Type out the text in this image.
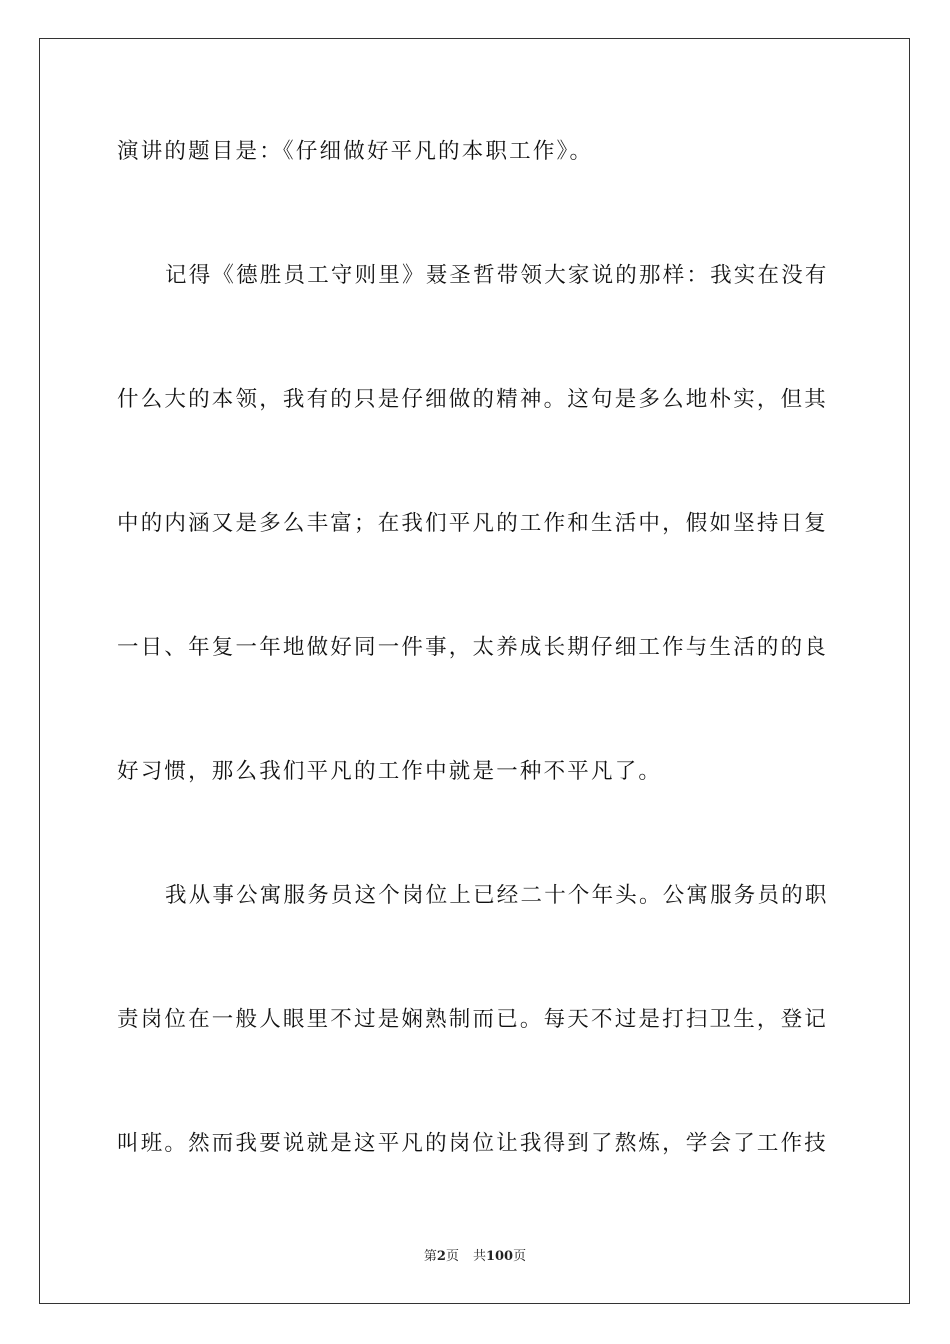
演讲的题目是：《仔细做好平凡的本职工作》。
记得《德胜员工守则里》聂圣哲带领大家说的那样：我实在没有
什么大的本领，我有的只是仔细做的精神。这句是多么地朴实，但其
中的内涵又是多么丰富；在我们平凡的工作和生活中，假如坚持日复
一日、年复一年地做好同一件事，太养成长期仔细工作与生活的的良
好习惯，那么我们平凡的工作中就是一种不平凡了。
我从事公寓服务员这个岗位上已经二十个年头。公寓服务员的职
责岗位在一般人眼里不过是娴熟制而已。每天不过是打扫卫生，登记
叫班。然而我要说就是这平凡的岗位让我得到了熬炼，学会了工作技
第2页 共100页
